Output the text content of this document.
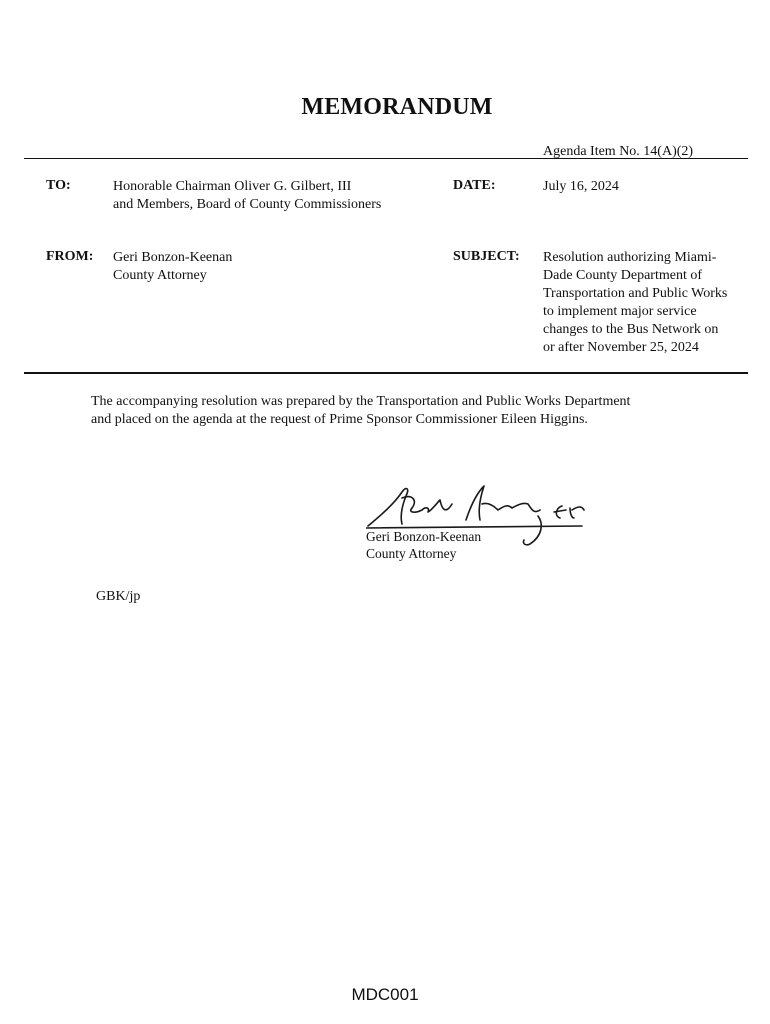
MEMORANDUM
Agenda Item No. 14(A)(2)
TO:	Honorable Chairman Oliver G. Gilbert, III
and Members, Board of County Commissioners
DATE:	July 16, 2024
FROM: Geri Bonzon-Keenan
County Attorney
SUBJECT: Resolution authorizing Miami-
Dade County Department of
Transportation and Public Works
to implement major service
changes to the Bus Network on
or after November 25, 2024
The accompanying resolution was prepared by the Transportation and Public Works Department
and placed on the agenda at the request of Prime Sponsor Commissioner Eileen Higgins.
Geri Bonzon-Keenan
County Attorney
GBK/jp
MDC001
